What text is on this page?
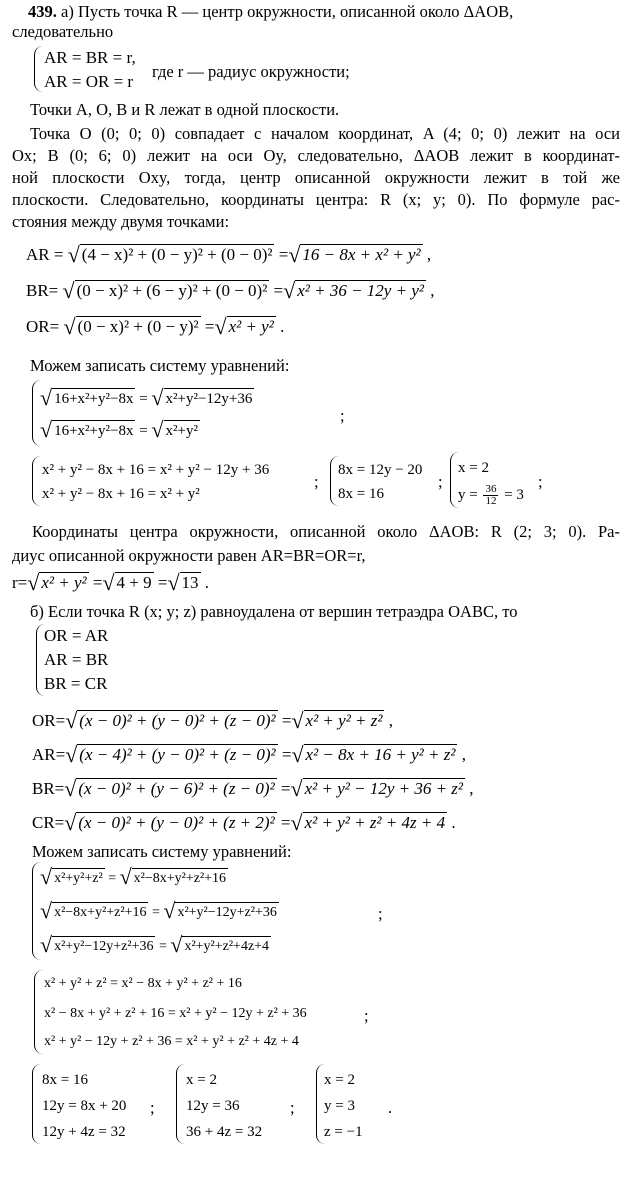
439. а) Пусть точка R — центр окружности, описанной около ΔAOB,
следовательно
AR = BR = r,
AR = OR = r
где r — радиус окружности;
Точки A, O, B и R лежат в одной плоскости.
Точка O (0; 0; 0) совпадает с началом координат, A (4; 0; 0) лежит на оси
Ox; B (0; 6; 0) лежит на оси Oy, следовательно, ΔAOB лежит в координат-
ной плоскости Oxy, тогда, центр описанной окружности лежит в той же
плоскости. Следовательно, координаты центра: R (x; y; 0). По формуле рас-
стояния между двумя точками:
AR = √ (4 − x)² + (0 − y)² + (0 − 0)² =√ 16 − 8x + x² + y² ,
BR= √ (0 − x)² + (6 − y)² + (0 − 0)² =√ x² + 36 − 12y + y² ,
OR= √ (0 − x)² + (0 − y)² =√ x² + y² .
Можем записать систему уравнений:
√ 16+x²+y²−8x = √ x²+y²−12y+36
√ 16+x²+y²−8x = √ x²+y²
;
x² + y² − 8x + 16 = x² + y² − 12y + 36
x² + y² − 8x + 16 = x² + y²
;
8x = 12y − 20
8x = 16
;
x = 2
$y = \frac{36}{12} = 3$
;
Координаты центра окружности, описанной около ΔAOB: R (2; 3; 0). Ра-
диус описанной окружности равен AR=BR=OR=r,
r=√ x² + y² =√ 4 + 9 =√ 13 .
б) Если точка R (x; y; z) равноудалена от вершин тетраэдра OABC, то
OR = AR
AR = BR
BR = CR
OR=√ (x − 0)² + (y − 0)² + (z − 0)² =√ x² + y² + z² ,
AR=√ (x − 4)² + (y − 0)² + (z − 0)² =√ x² − 8x + 16 + y² + z² ,
BR=√ (x − 0)² + (y − 6)² + (z − 0)² =√ x² + y² − 12y + 36 + z² ,
CR=√ (x − 0)² + (y − 0)² + (z + 2)² =√ x² + y² + z² + 4z + 4 .
Можем записать систему уравнений:
√ x²+y²+z² = √ x²−8x+y²+z²+16
√ x²−8x+y²+z²+16 = √ x²+y²−12y+z²+36
√ x²+y²−12y+z²+36 = √ x²+y²+z²+4z+4
;
x² + y² + z² = x² − 8x + y² + z² + 16
x² − 8x + y² + z² + 16 = x² + y² − 12y + z² + 36
x² + y² − 12y + z² + 36 = x² + y² + z² + 4z + 4
;
8x = 16
12y = 8x + 20
12y + 4z = 32
;
x = 2
12y = 36
36 + 4z = 32
;
x = 2
y = 3
z = −1
.
